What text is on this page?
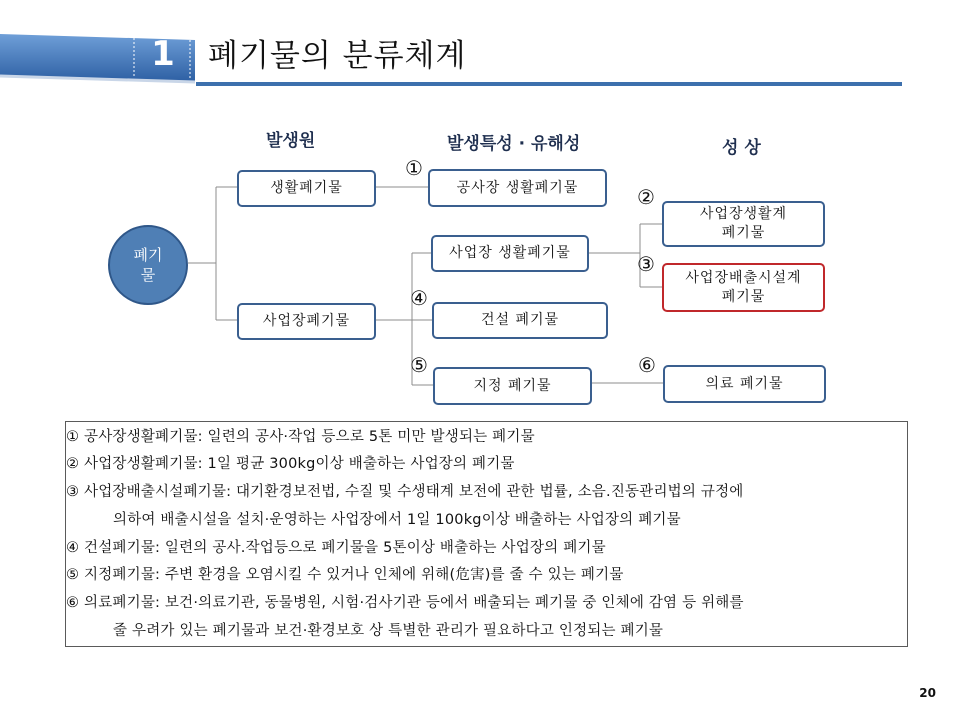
1 폐기물의 분류체계
발생원	발생특성 · 유해성	성 상
폐기
물
생활폐기물
사업장폐기물
공사장 생활폐기물
사업장 생활폐기물
건설 폐기물
지정 폐기물
사업장생활계
폐기물
사업장배출시설계
폐기물
의료 폐기물
①
②
③
④
⑤	⑥
① 공사장생활폐기물: 일련의 공사·작업 등으로 5톤 미만 발생되는 폐기물
② 사업장생활폐기물: 1일 평균 300kg이상 배출하는 사업장의 폐기물
③ 사업장배출시설폐기물: 대기환경보전법, 수질 및 수생태계 보전에 관한 법률, 소음.진동관리법의 규정에
의하여 배출시설을 설치·운영하는 사업장에서 1일 100kg이상 배출하는 사업장의 폐기물
④ 건설폐기물: 일련의 공사.작업등으로 폐기물을 5톤이상 배출하는 사업장의 폐기물
⑤ 지정폐기물: 주변 환경을 오염시킬 수 있거나 인체에 위해(危害)를 줄 수 있는 폐기물
⑥ 의료폐기물: 보건·의료기관, 동물병원, 시험·검사기관 등에서 배출되는 폐기물 중 인체에 감염 등 위해를
줄 우려가 있는 폐기물과 보건·환경보호 상 특별한 관리가 필요하다고 인정되는 폐기물
20
